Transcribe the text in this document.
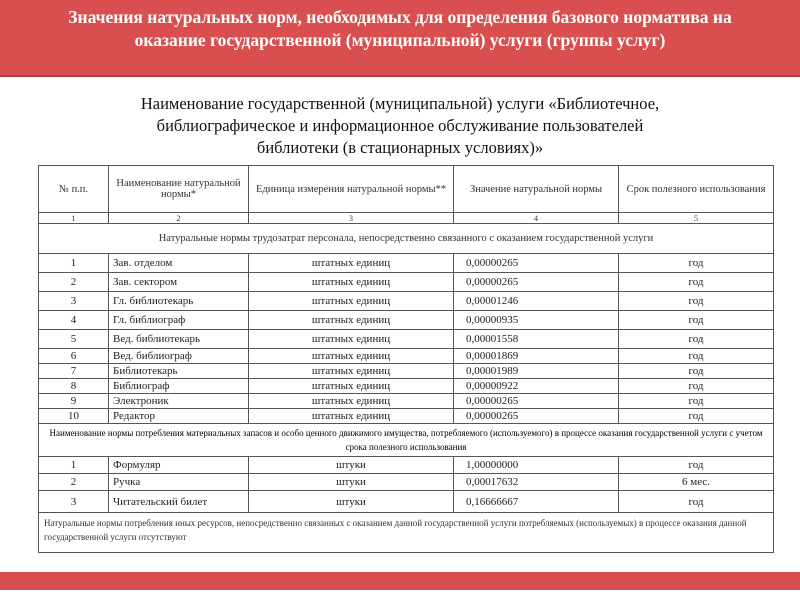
Значения натуральных норм, необходимых для определения базового норматива на оказание государственной (муниципальной) услуги (группы услуг)

Наименование государственной (муниципальной) услуги «Библиотечное,
библиографическое и информационное обслуживание пользователей
библиотеки (в стационарных условиях)»
№ п.п.	Наименование натуральной нормы*	Единица измерения натуральной нормы**	Значение натуральной нормы	Срок полезного использования
1	2	3	4	5
Натуральные нормы трудозатрат персонала, непосредственно связанного с оказанием государственной услуги				
1	Зав. отделом	штатных единиц	0,00000265	год
2	Зав. сектором	штатных единиц	0,00000265	год
3	Гл. библиотекарь	штатных единиц	0,00001246	год
4	Гл. библиограф	штатных единиц	0,00000935	год
5	Вед. библиотекарь	штатных единиц	0,00001558	год
6	Вед. библиограф	штатных единиц	0,00001869	год
7	Библиотекарь	штатных единиц	0,00001989	год
8	Библиограф	штатных единиц	0,00000922	год
9	Электроник	штатных единиц	0,00000265	год
10	Редактор	штатных единиц	0,00000265	год
Наименование нормы потребления материальных запасов и особо ценного движимого имущества, потребляемого (используемого) в процессе оказания государственной услуги с учетом срока полезного использования				
1	Формуляр	штуки	1,00000000	год
2	Ручка	штуки	0,00017632	6 мес.
3	Читательский билет	штуки	0,16666667	год
Натуральные нормы потребления иных ресурсов, непосредственно связанных с оказанием данной государственной услуги потребляемых (используемых) в процессе оказания данной государственной услуги отсутствуют				
